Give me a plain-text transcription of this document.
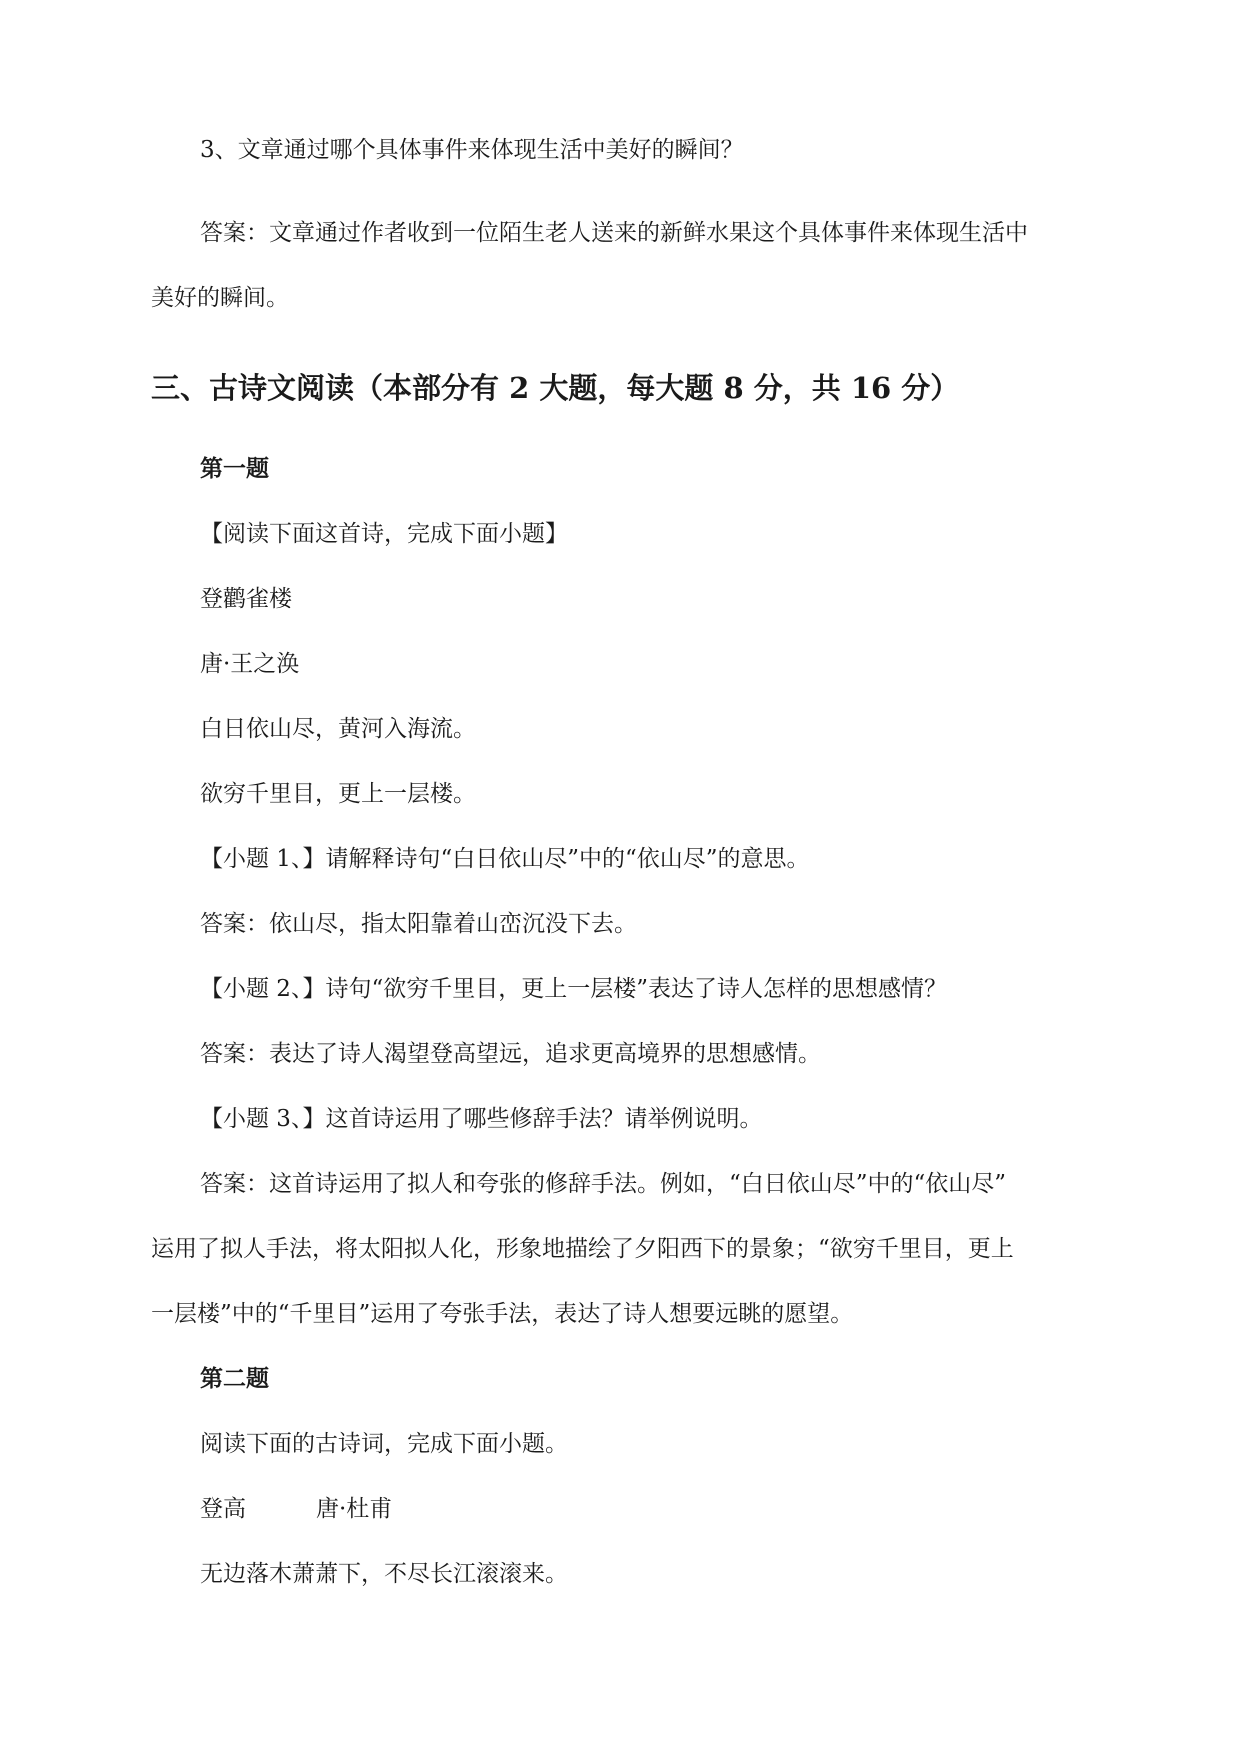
3、文章通过哪个具体事件来体现生活中美好的瞬间？
答案：文章通过作者收到一位陌生老人送来的新鲜水果这个具体事件来体现生活中
美好的瞬间。
三、古诗文阅读（本部分有 2 大题，每大题 8 分，共 16 分）
第一题
【阅读下面这首诗，完成下面小题】
登鹳雀楼
唐·王之涣
白日依山尽，黄河入海流。
欲穷千里目，更上一层楼。
【小题 1、】请解释诗句“白日依山尽”中的“依山尽”的意思。
答案：依山尽，指太阳靠着山峦沉没下去。
【小题 2、】诗句“欲穷千里目，更上一层楼”表达了诗人怎样的思想感情？
答案：表达了诗人渴望登高望远，追求更高境界的思想感情。
【小题 3、】这首诗运用了哪些修辞手法？请举例说明。
答案：这首诗运用了拟人和夸张的修辞手法。例如，“白日依山尽”中的“依山尽”
运用了拟人手法，将太阳拟人化，形象地描绘了夕阳西下的景象；“欲穷千里目，更上
一层楼”中的“千里目”运用了夸张手法，表达了诗人想要远眺的愿望。
第二题
阅读下面的古诗词，完成下面小题。
登高	唐·杜甫
无边落木萧萧下，不尽长江滚滚来。
